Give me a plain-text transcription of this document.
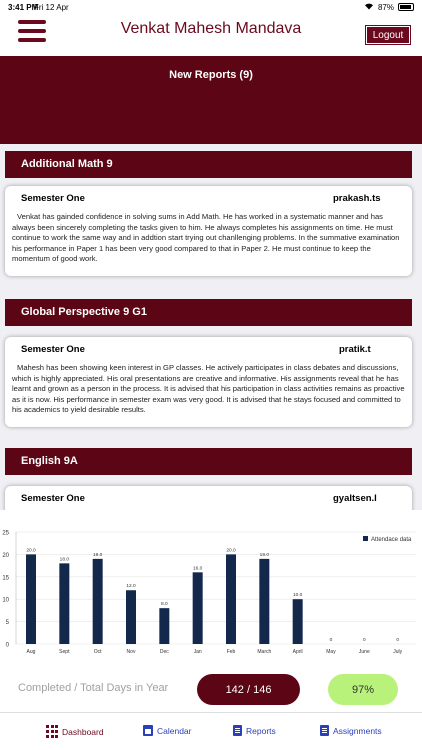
3:41 PM
Fri 12 Apr	87%
Venkat Mahesh Mandava	Logout
New Reports (9)
Additional Math 9
Semester One	prakash.ts
Venkat has gainded confidence in solving sums in Add Math. He has worked in a systematic manner and has always been sincerely completing the tasks given to him. He always completes his assignments on time. He must continue to work the same way and in addtion start trying out chanllenging problems. In the summative examination his performance in Paper 1 has been very good compared to that in Paper 2. He must continue to keep the momentum of good work.
Global Perspective 9 G1
Semester One	pratik.t
Mahesh has been showing keen interest in GP classes. He actively participates in class debates and discussions, which is highly appreciated. His oral presentations are creative and informative. His assignments reveal that he has learnt and grown as a person in the process. It is advised that his participation in class activities remains as proactive as it is now. His performance in semester exam was very good. It is advised that he stays focused and committed to his academics to yield desirable results.
English 9A
Semester One	gyaltsen.l
0
5
10
15
20
25
20.0
Aug
18.0
Sept
19.0
Oct
12.0
Nov
8.0
Dec
16.0
Jan
20.0
Feb
19.0
March
10.0
April
0
May
0
June
0
July
Attendace data
Completed / Total Days in Year	142 / 146	97%
Dashboard	Calendar	Reports	Assignments
